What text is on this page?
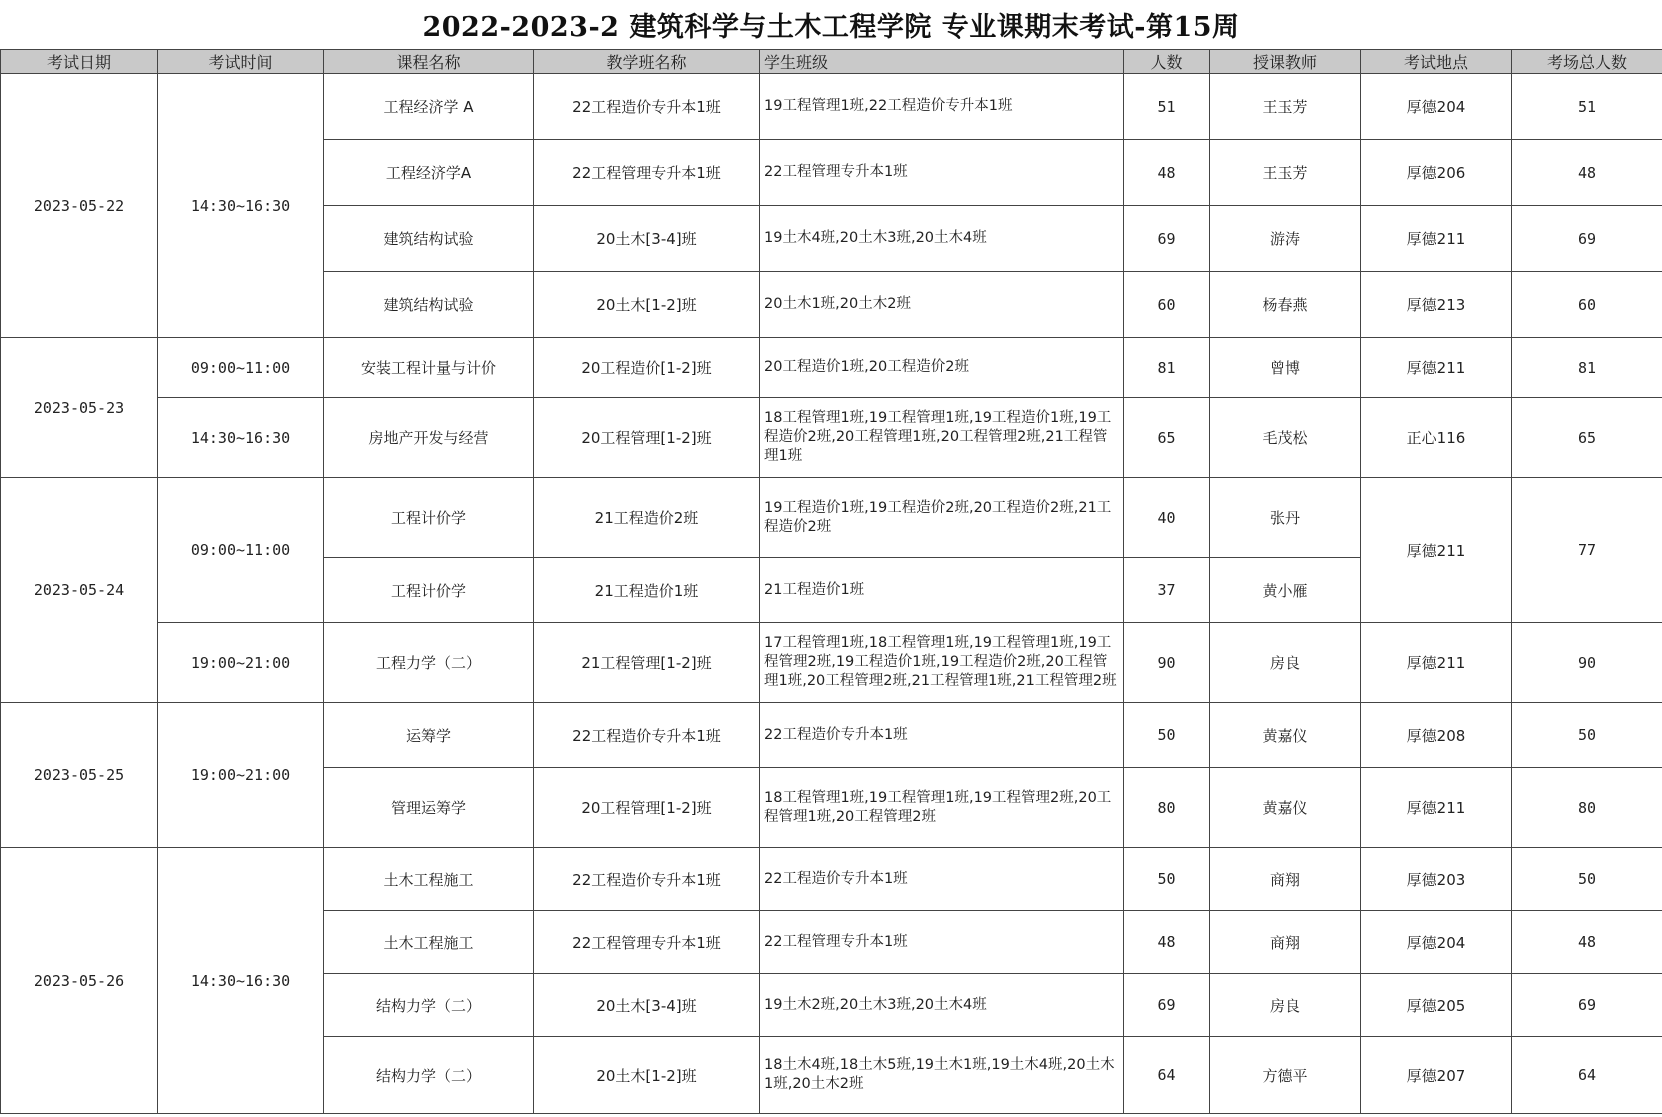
2022-2023-2 建筑科学与土木工程学院 专业课期末考试-第15周
考试日期	考试时间	课程名称	教学班名称	学生班级	人数	授课教师	考试地点	考场总人数
2023-05-22	14:30~16:30	工程经济学 A	22工程造价专升本1班	19工程管理1班,22工程造价专升本1班	51	王玉芳	厚德204	51
		工程经济学A	22工程管理专升本1班	22工程管理专升本1班	48	王玉芳	厚德206	48
		建筑结构试验	20土木[3-4]班	19土木4班,20土木3班,20土木4班	69	游涛	厚德211	69
		建筑结构试验	20土木[1-2]班	20土木1班,20土木2班	60	杨春燕	厚德213	60
2023-05-23	09:00~11:00	安装工程计量与计价	20工程造价[1-2]班	20工程造价1班,20工程造价2班	81	曾博	厚德211	81
	14:30~16:30	房地产开发与经营	20工程管理[1-2]班	18工程管理1班,19工程管理1班,19工程造价1班,19工程造价2班,20工程管理1班,20工程管理2班,21工程管理1班	65	毛茂松	正心116	65
2023-05-24	09:00~11:00	工程计价学	21工程造价2班	19工程造价1班,19工程造价2班,20工程造价2班,21工程造价2班	40	张丹	厚德211	77
		工程计价学	21工程造价1班	21工程造价1班	37	黄小雁		
	19:00~21:00	工程力学（二）	21工程管理[1-2]班	17工程管理1班,18工程管理1班,19工程管理1班,19工程管理2班,19工程造价1班,19工程造价2班,20工程管理1班,20工程管理2班,21工程管理1班,21工程管理2班	90	房良	厚德211	90
2023-05-25	19:00~21:00	运筹学	22工程造价专升本1班	22工程造价专升本1班	50	黄嘉仪	厚德208	50
		管理运筹学	20工程管理[1-2]班	18工程管理1班,19工程管理1班,19工程管理2班,20工程管理1班,20工程管理2班	80	黄嘉仪	厚德211	80
2023-05-26	14:30~16:30	土木工程施工	22工程造价专升本1班	22工程造价专升本1班	50	商翔	厚德203	50
		土木工程施工	22工程管理专升本1班	22工程管理专升本1班	48	商翔	厚德204	48
		结构力学（二）	20土木[3-4]班	19土木2班,20土木3班,20土木4班	69	房良	厚德205	69
		结构力学（二）	20土木[1-2]班	18土木4班,18土木5班,19土木1班,19土木4班,20土木1班,20土木2班	64	方德平	厚德207	64
